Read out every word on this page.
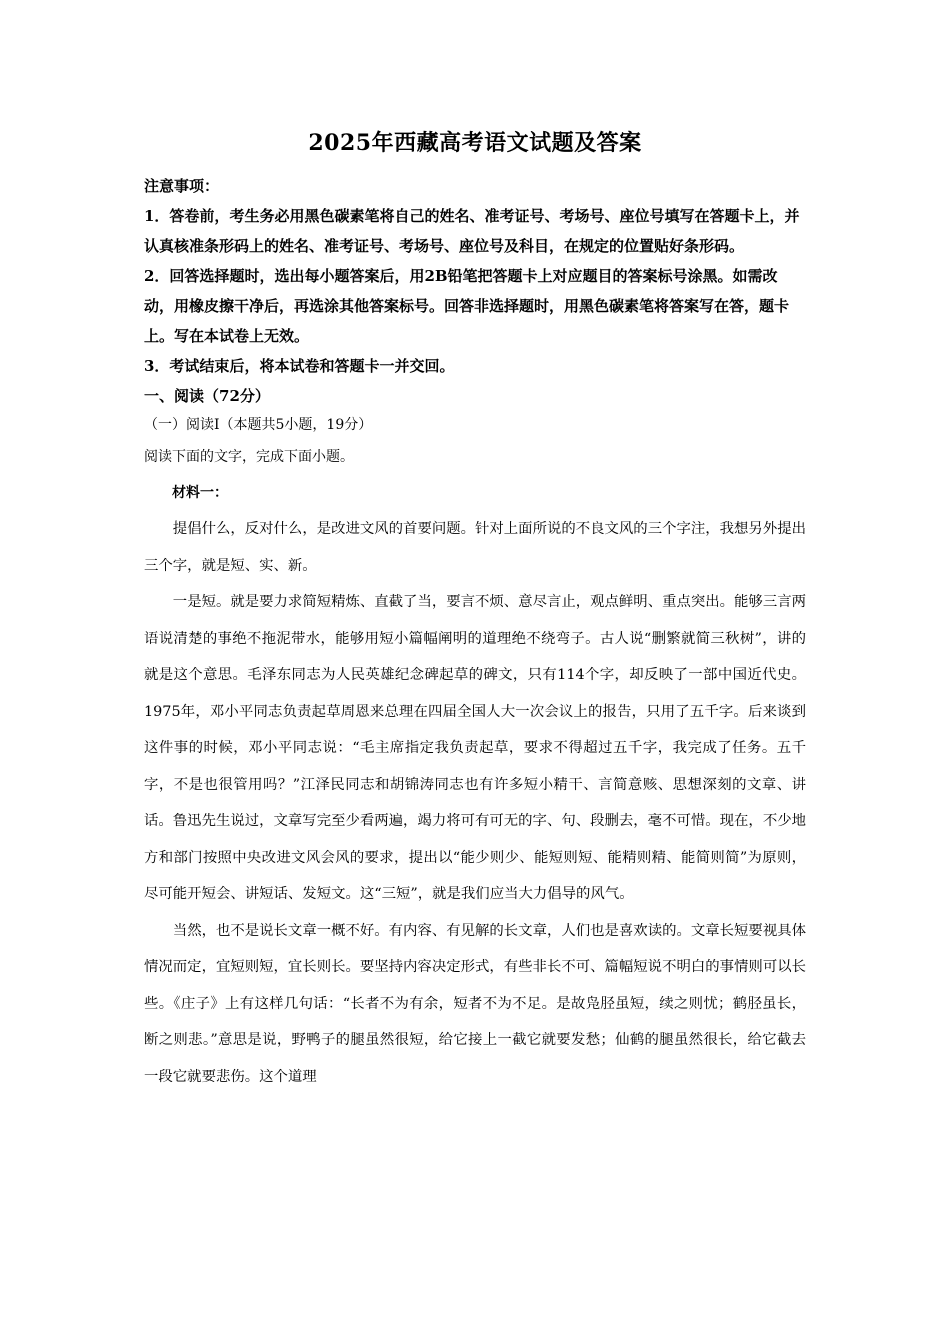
2025年西藏高考语文试题及答案
注意事项：

1．答卷前，考生务必用黑色碳素笔将自己的姓名、准考证号、考场号、座位号填写在答题卡上，并认真核准条形码上的姓名、准考证号、考场号、座位号及科目，在规定的位置贴好条形码。

2．回答选择题时，选出每小题答案后，用2B铅笔把答题卡上对应题目的答案标号涂黑。如需改动，用橡皮擦干净后，再选涂其他答案标号。回答非选择题时，用黑色碳素笔将答案写在答，题卡上。写在本试卷上无效。

3．考试结束后，将本试卷和答题卡一并交回。

一、阅读（72分）
（一）阅读Ⅰ（本题共5小题，19分）
阅读下面的文字，完成下面小题。
材料一：

提倡什么，反对什么，是改进文风的首要问题。针对上面所说的不良文风的三个字注，我想另外提出三个字，就是短、实、新。

一是短。就是要力求简短精炼、直截了当，要言不烦、意尽言止，观点鲜明、重点突出。能够三言两语说清楚的事绝不拖泥带水，能够用短小篇幅阐明的道理绝不绕弯子。古人说“删繁就简三秋树”，讲的就是这个意思。毛泽东同志为人民英雄纪念碑起草的碑文，只有114个字，却反映了一部中国近代史。1975年，邓小平同志负责起草周恩来总理在四届全国人大一次会议上的报告，只用了五千字。后来谈到这件事的时候，邓小平同志说：“毛主席指定我负责起草，要求不得超过五千字，我完成了任务。五千字，不是也很管用吗？”江泽民同志和胡锦涛同志也有许多短小精干、言简意赅、思想深刻的文章、讲话。鲁迅先生说过，文章写完至少看两遍，竭力将可有可无的字、句、段删去，毫不可惜。现在，不少地方和部门按照中央改进文风会风的要求，提出以“能少则少、能短则短、能精则精、能简则简”为原则，尽可能开短会、讲短话、发短文。这“三短”，就是我们应当大力倡导的风气。

当然，也不是说长文章一概不好。有内容、有见解的长文章，人们也是喜欢读的。文章长短要视具体情况而定，宜短则短，宜长则长。要坚持内容决定形式，有些非长不可、篇幅短说不明白的事情则可以长些。《庄子》上有这样几句话：“长者不为有余，短者不为不足。是故凫胫虽短，续之则忧；鹤胫虽长，断之则悲。”意思是说，野鸭子的腿虽然很短，给它接上一截它就要发愁；仙鹤的腿虽然很长，给它截去一段它就要悲伤。这个道理
